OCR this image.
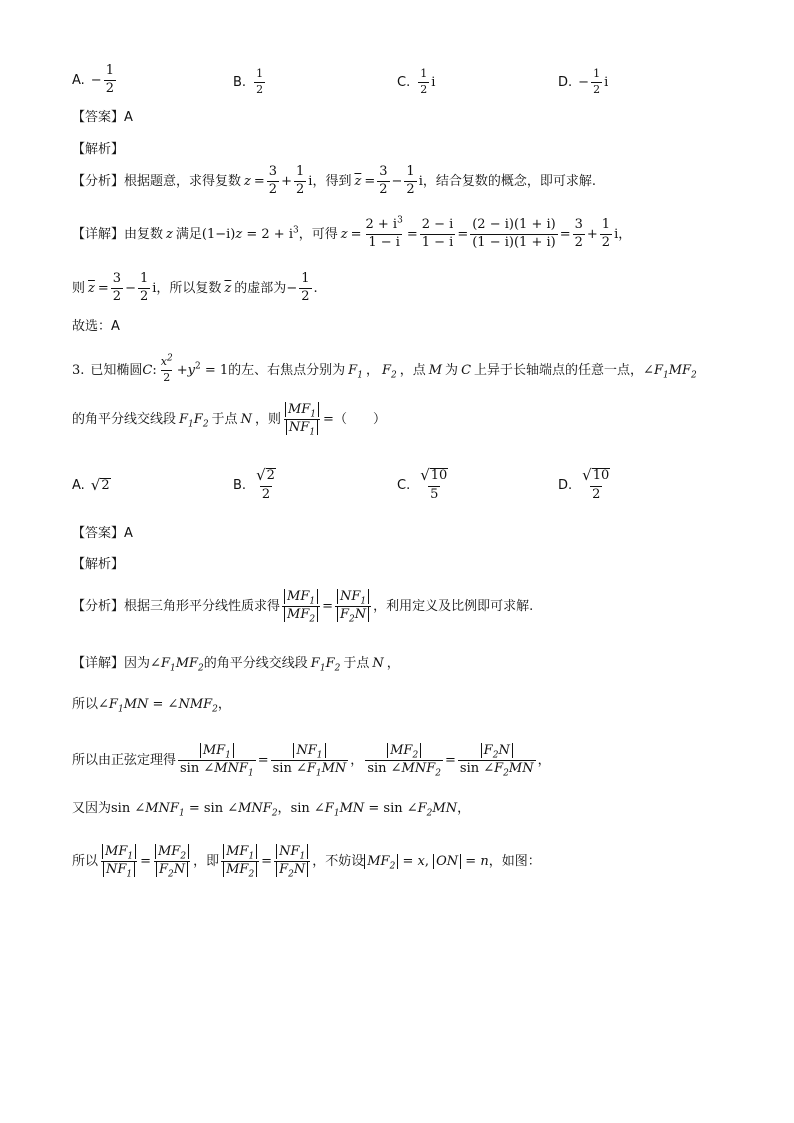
A. − $\frac{1}{2}$	B. $\frac{1}{2}$	C. $\frac{1}{2}$ i	D. − $\frac{1}{2}$ i
【答案】A
【解析】
【分析】 根据题意，求得复数 $z = \frac{3}{2} + \frac{1}{2}$ i ，得到 $\overline{z} = \frac{3}{2} - \frac{1}{2}$ i ，结合复数的概念，即可求解.
【详解】 由复数 z 满足 $(1-i)z = 2 + i^3$ ，可得 $z = \frac{2 + i^3}{1 - i} = \frac{2 - i}{1 - i} = \frac{(2 - i)(1 + i)}{(1 - i)(1 + i)} = \frac{3}{2} + \frac{1}{2}$ i，
则 $\overline{z} = \frac{3}{2} - \frac{1}{2}$ i ，所以复数 $\overline{z}$ 的虚部为 − $\frac{1}{2}$ .
故选：A
3. 已知椭圆 C : $\frac{x^2}{2} +y^2 = 1$ 的左、右焦点分别为 $F_1$ ， $F_2$ ，点 M 为 C 上异于长轴端点的任意一点， $\angle F_1MF_2$
的角平分线交线段 $F_1F_2$ 于点 N ，则 $\frac{MF_1}{NF_1}$ = （　　）
A. √ 2	B. $\frac{√ 2}{2}$	C. $\frac{√ 10}{5}$	D. $\frac{√ 10}{2}$
【答案】A
【解析】
【分析】 根据三角形平分线性质求得 $\frac{MF_1}{MF_2} = \frac{NF_1}{F_2N}$ ，利用定义及比例即可求解.
【详解】 因为 $\angle F_1MF_2$ 的角平分线交线段 $F_1F_2$ 于点 N ，
所以 $\angle F_1MN$ = $\angle NMF_2$ ，
所以由正弦定理得 $\frac{MF_1}{\sin \angle MNF_1} = \frac{NF_1}{\sin \angle F_1MN}$ ， $\frac{MF_2}{\sin \angle MNF_2} = \frac{F_2N}{\sin \angle F_2MN}$ ，
又因为 $\sin \angle MNF_1 = \sin$ $\angle MNF_2$ ， $\sin \angle F_1MN = \sin$ $\angle F_2MN$ ，
所以 $\frac{MF_1}{NF_1} = \frac{MF_2}{F_2N}$ ，即 $\frac{MF_1}{MF_2} = \frac{NF_1}{F_2N}$ ，不妨设 $MF_2 = x$, ON = n ，如图：
